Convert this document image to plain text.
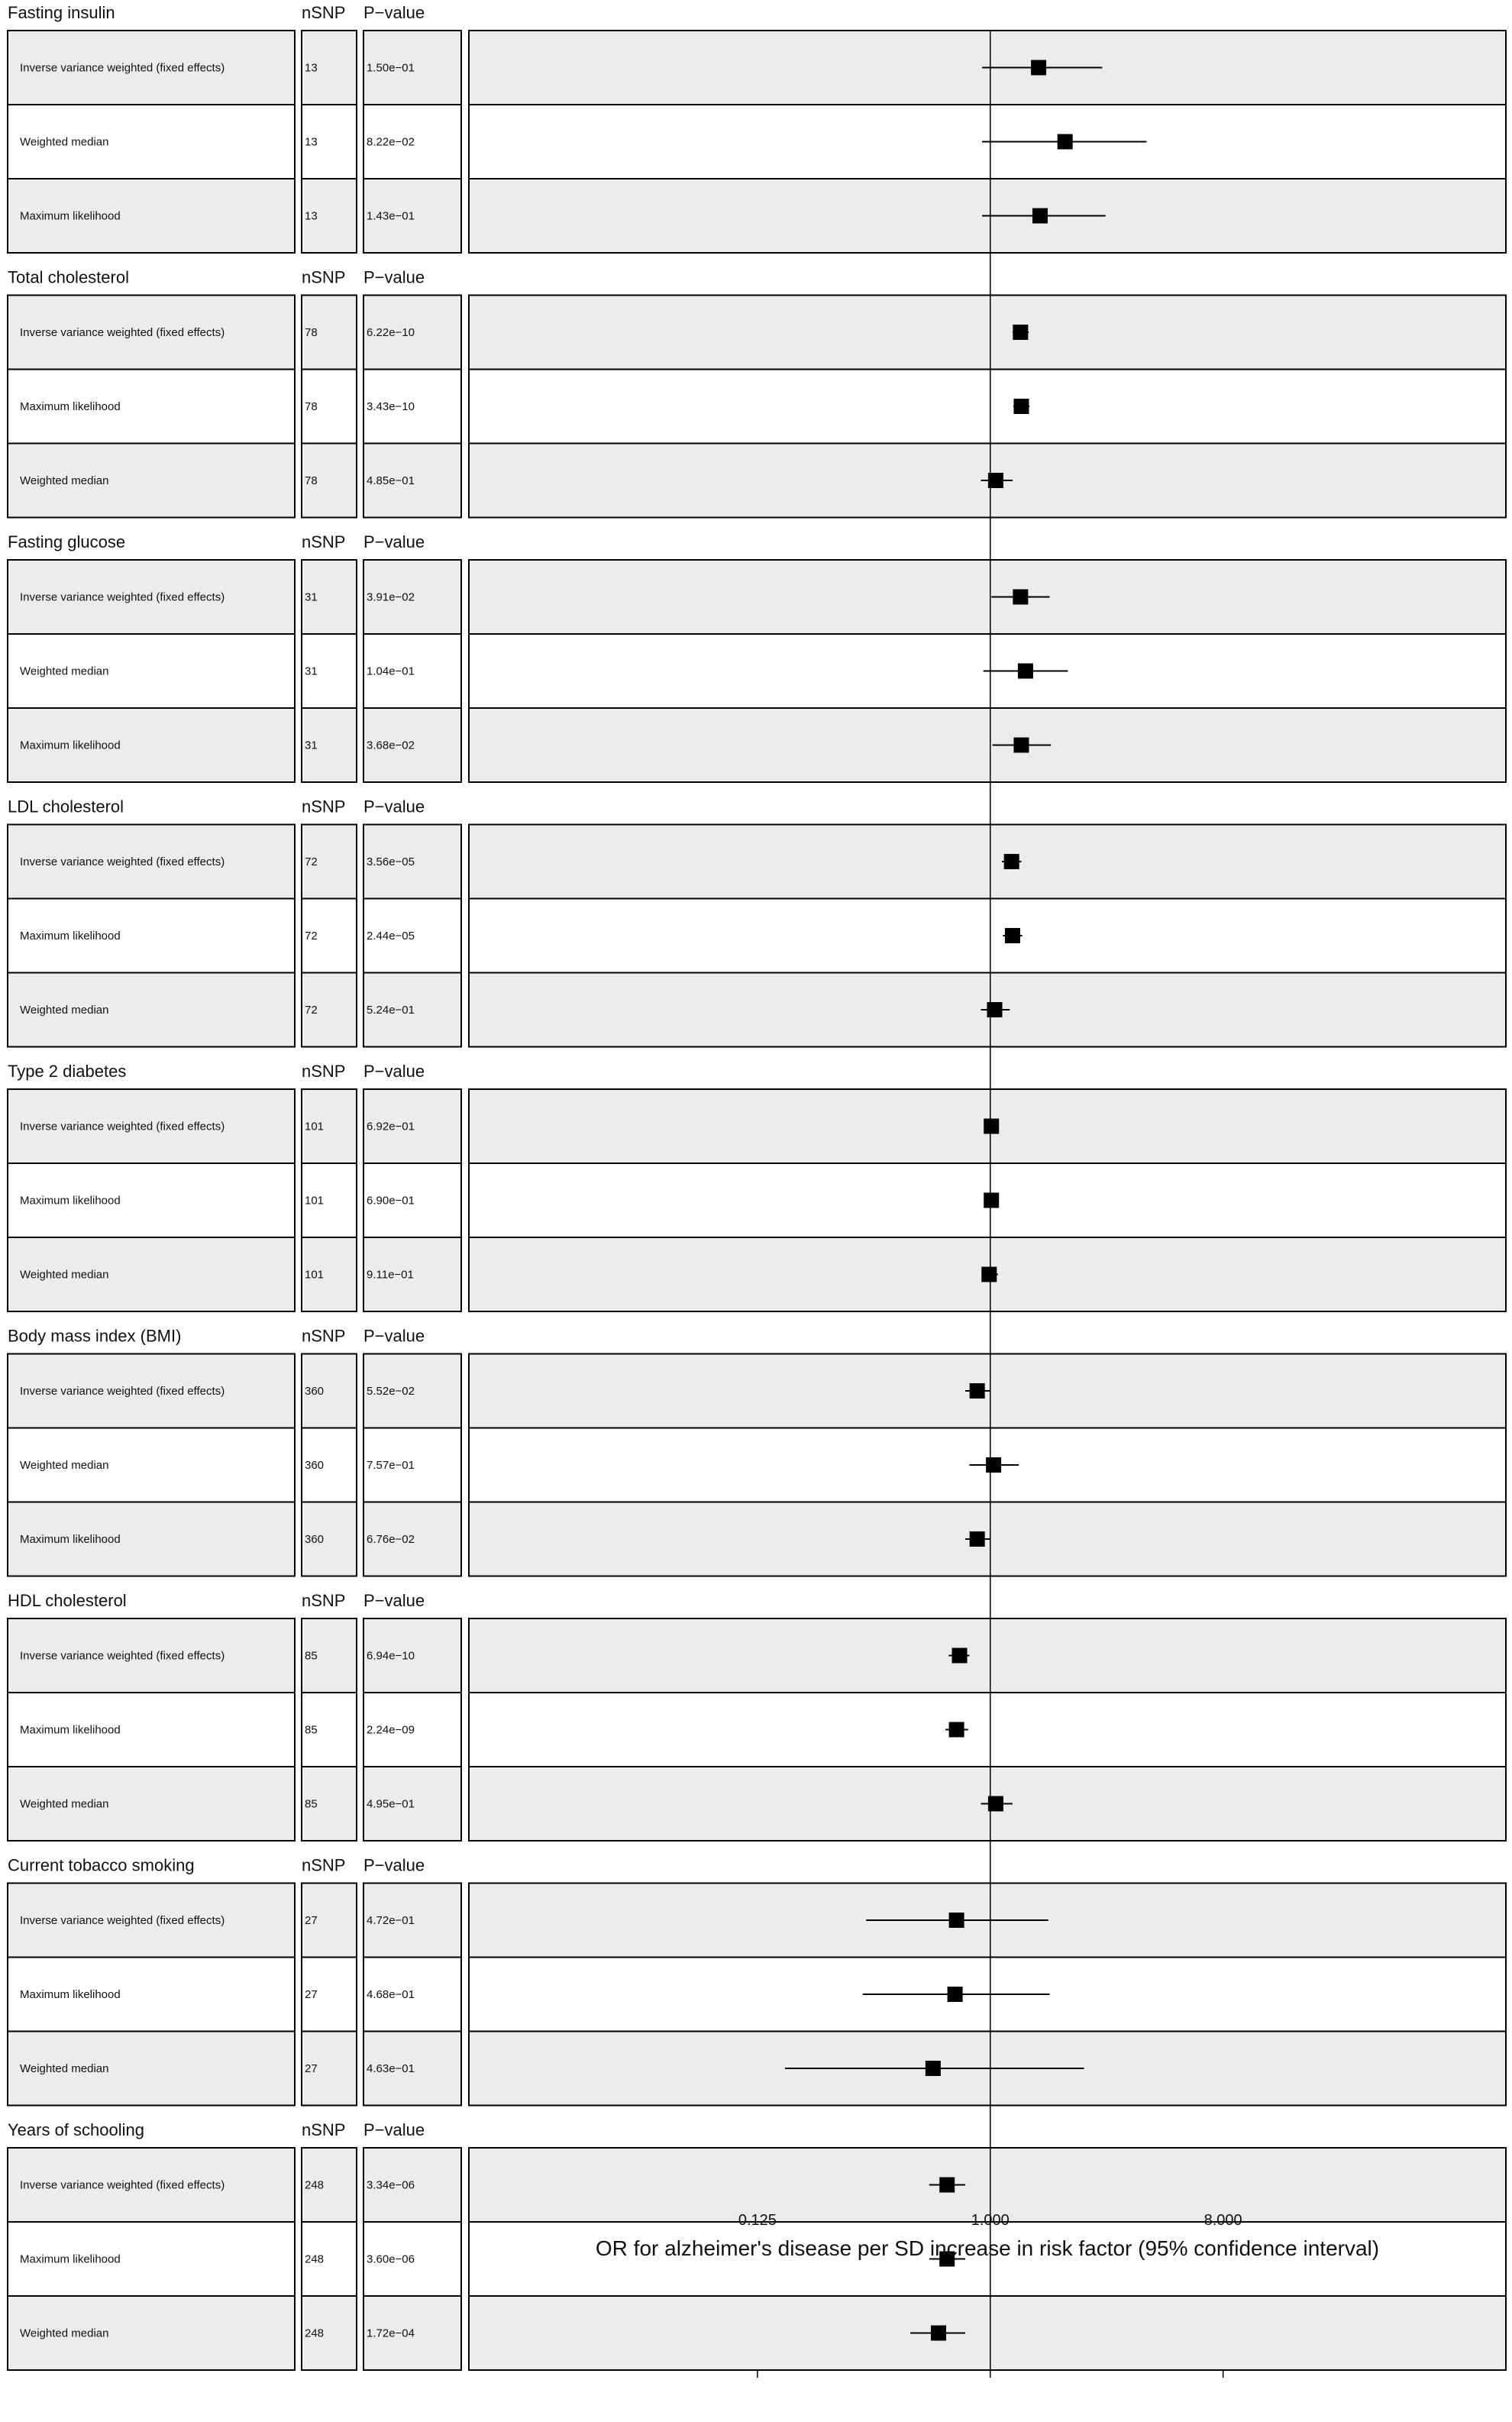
Fasting insulin	nSNP P−value
Inverse variance weighted (fixed effects)	13	1.50e−01
Weighted median	13	8.22e−02
Maximum likelihood	13	1.43e−01
Total cholesterol	nSNP P−value
Inverse variance weighted (fixed effects)	78	6.22e−10
Maximum likelihood	78	3.43e−10
Weighted median	78	4.85e−01
Fasting glucose	nSNP P−value
Inverse variance weighted (fixed effects)	31	3.91e−02
Weighted median	31	1.04e−01
Maximum likelihood	31	3.68e−02
LDL cholesterol	nSNP P−value
Inverse variance weighted (fixed effects)	72	3.56e−05
Maximum likelihood	72	2.44e−05
Weighted median	72	5.24e−01
Type 2 diabetes	nSNP P−value
Inverse variance weighted (fixed effects)	101	6.92e−01
Maximum likelihood	101	6.90e−01
Weighted median	101	9.11e−01
Body mass index (BMI)	nSNP P−value
Inverse variance weighted (fixed effects)	360	5.52e−02
Weighted median	360	7.57e−01
Maximum likelihood	360	6.76e−02
HDL cholesterol	nSNP P−value
Inverse variance weighted (fixed effects)	85	6.94e−10
Maximum likelihood	85	2.24e−09
Weighted median	85	4.95e−01
Current tobacco smoking	nSNP P−value
Inverse variance weighted (fixed effects)	27	4.72e−01
Maximum likelihood	27	4.68e−01
Weighted median	27	4.63e−01
Years of schooling	nSNP P−value
Inverse variance weighted (fixed effects)	248	3.34e−06
Maximum likelihood	248	3.60e−06
Weighted median	248	1.72e−04
0.125	1.000	8.000
OR for alzheimer's disease per SD increase in risk factor (95% confidence interval)
